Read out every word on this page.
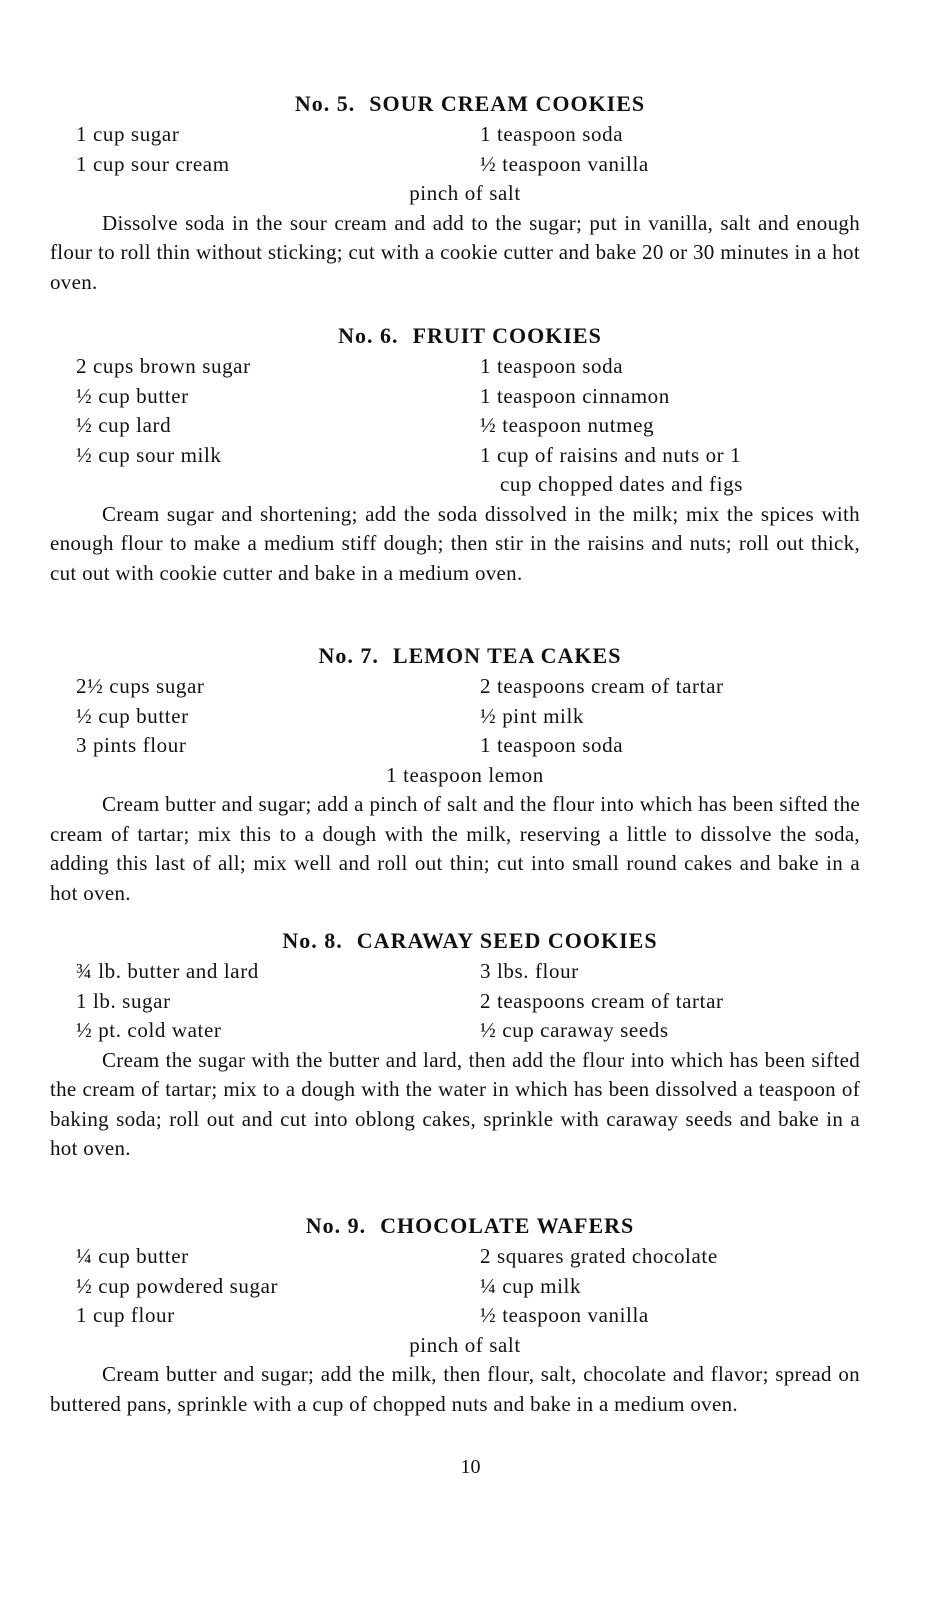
No. 5. SOUR CREAM COOKIES
1 cup sugar	1 teaspoon soda
1 cup sour cream	½ teaspoon vanilla
pinch of salt

Dissolve soda in the sour cream and add to the sugar; put in vanilla, salt and enough flour to roll thin without sticking; cut with a cookie cutter and bake 20 or 30 minutes in a hot oven.

No. 6. FRUIT COOKIES
2 cups brown sugar	1 teaspoon soda
½ cup butter	1 teaspoon cinnamon
½ cup lard	½ teaspoon nutmeg
½ cup sour milk	1 cup of raisins and nuts or 1
cup chopped dates and figs

Cream sugar and shortening; add the soda dissolved in the milk; mix the spices with enough flour to make a medium stiff dough; then stir in the raisins and nuts; roll out thick, cut out with cookie cutter and bake in a medium oven.

No. 7. LEMON TEA CAKES
2½ cups sugar	2 teaspoons cream of tartar
½ cup butter	½ pint milk
3 pints flour	1 teaspoon soda
1 teaspoon lemon

Cream butter and sugar; add a pinch of salt and the flour into which has been sifted the cream of tartar; mix this to a dough with the milk, reserving a little to dissolve the soda, adding this last of all; mix well and roll out thin; cut into small round cakes and bake in a hot oven.

No. 8. CARAWAY SEED COOKIES
¾ lb. butter and lard	3 lbs. flour
1 lb. sugar	2 teaspoons cream of tartar
½ pt. cold water	½ cup caraway seeds

Cream the sugar with the butter and lard, then add the flour into which has been sifted the cream of tartar; mix to a dough with the water in which has been dissolved a teaspoon of baking soda; roll out and cut into oblong cakes, sprinkle with caraway seeds and bake in a hot oven.

No. 9. CHOCOLATE WAFERS
¼ cup butter	2 squares grated chocolate
½ cup powdered sugar	¼ cup milk
1 cup flour	½ teaspoon vanilla
pinch of salt

Cream butter and sugar; add the milk, then flour, salt, chocolate and flavor; spread on buttered pans, sprinkle with a cup of chopped nuts and bake in a medium oven.

10
